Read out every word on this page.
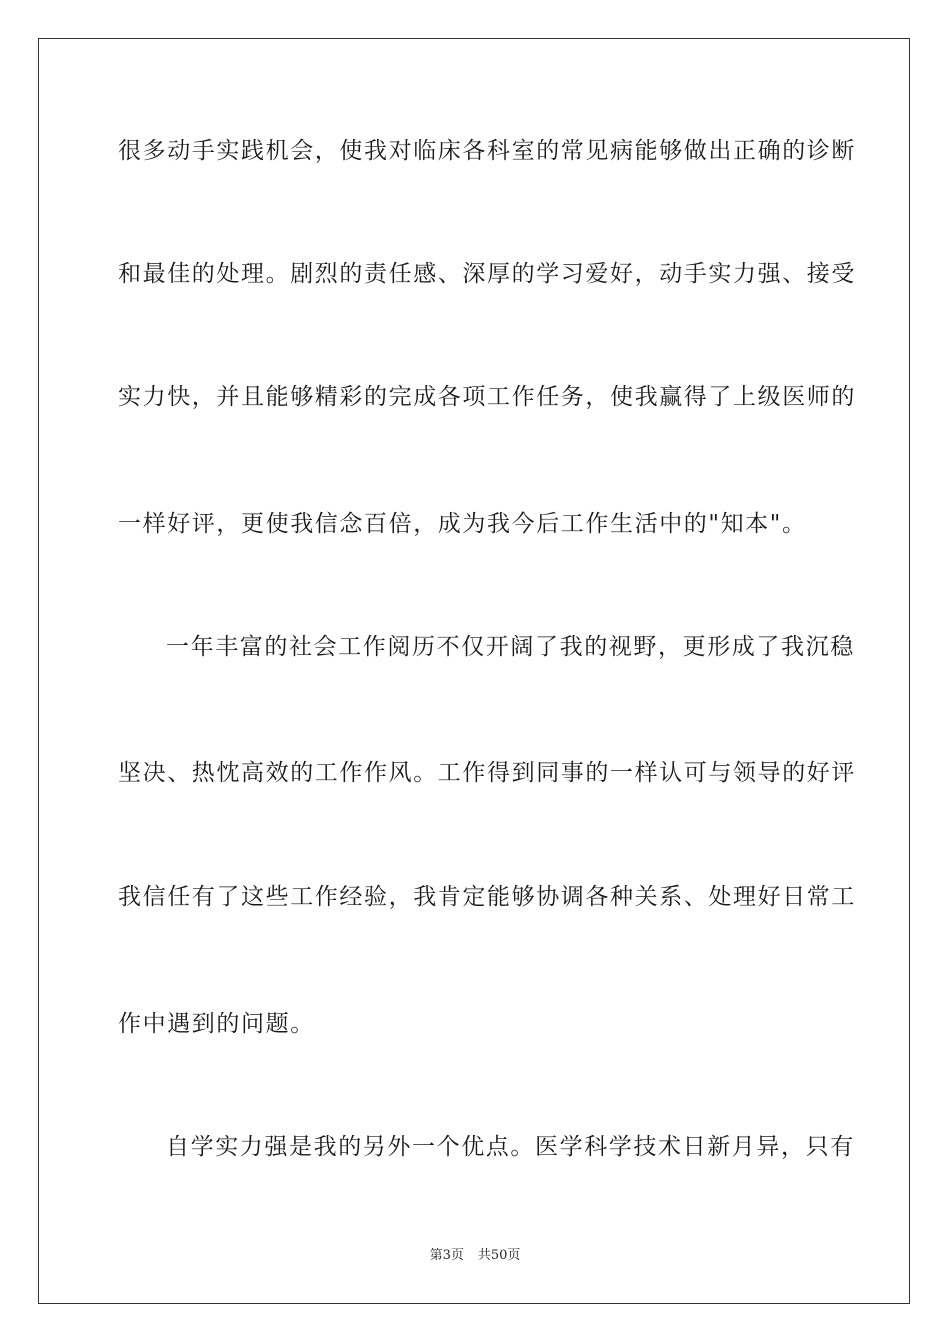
很多动手实践机会，使我对临床各科室的常见病能够做出正确的诊断
和最佳的处理。剧烈的责任感、深厚的学习爱好，动手实力强、接受
实力快，并且能够精彩的完成各项工作任务，使我赢得了上级医师的
一样好评，更使我信念百倍，成为我今后工作生活中的"知本"。
一年丰富的社会工作阅历不仅开阔了我的视野，更形成了我沉稳
坚决、热忱高效的工作作风。工作得到同事的一样认可与领导的好评
我信任有了这些工作经验，我肯定能够协调各种关系、处理好日常工
作中遇到的问题。
自学实力强是我的另外一个优点。医学科学技术日新月异，只有
第3页 共50页
